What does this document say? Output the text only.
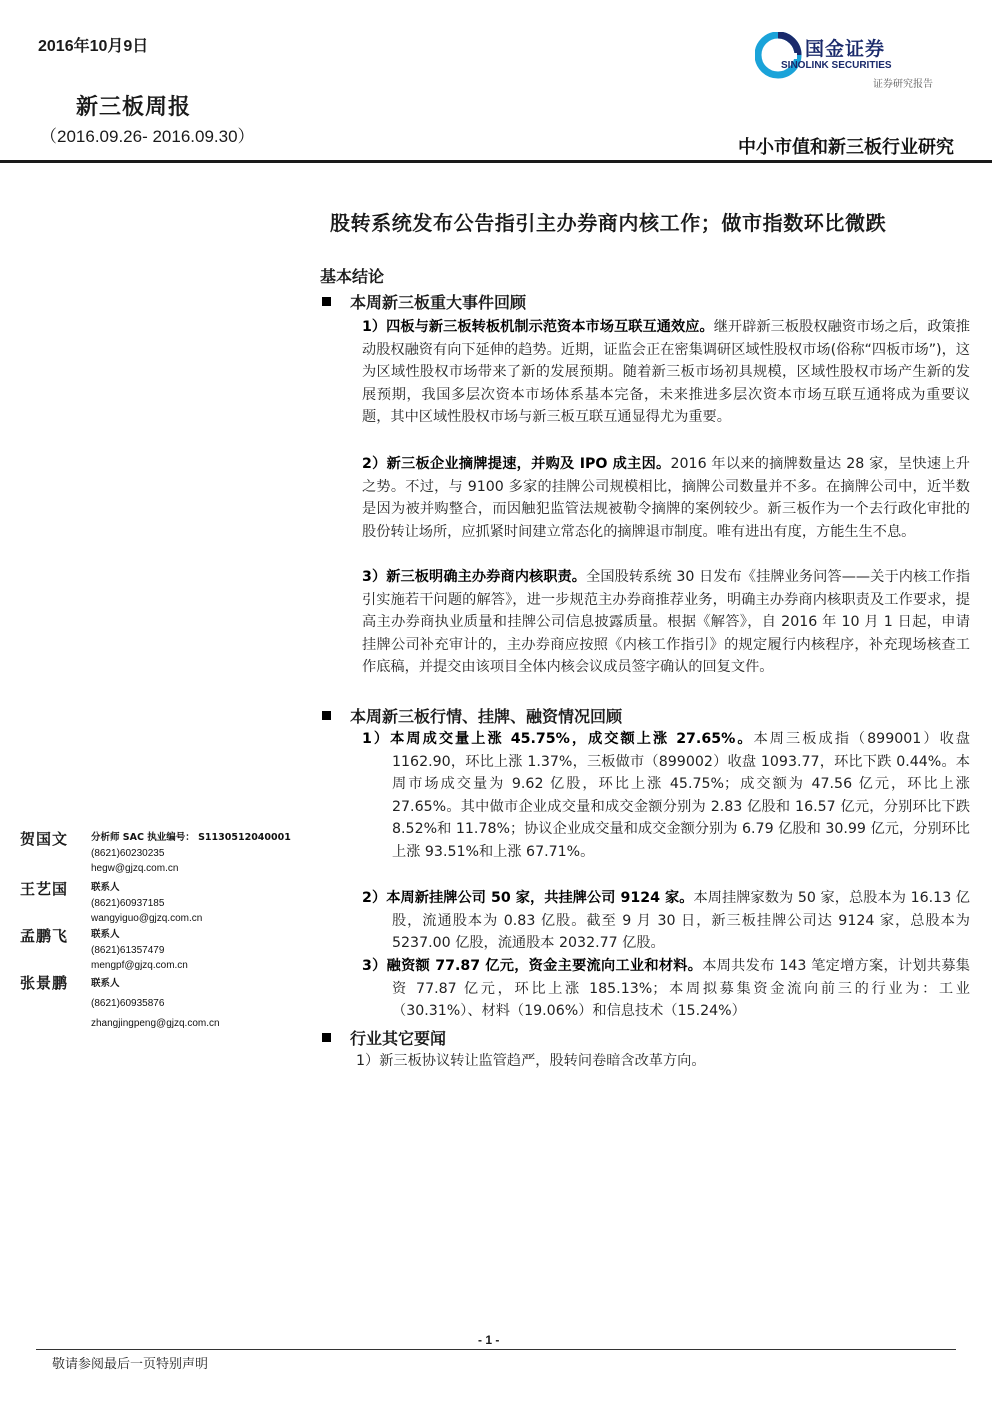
2016年10月9日
新三板周报
（2016.09.26- 2016.09.30）
国金证券
SINOLINK SECURITIES
证券研究报告
中小市值和新三板行业研究
股转系统发布公告指引主办券商内核工作；做市指数环比微跌
基本结论
本周新三板重大事件回顾
1）四板与新三板转板机制示范资本市场互联互通效应。继开辟新三板股权融资市场之后，政策推动股权融资有向下延伸的趋势。近期，证监会正在密集调研区域性股权市场(俗称“四板市场”)，这为区域性股权市场带来了新的发展预期。随着新三板市场初具规模，区域性股权市场产生新的发展预期，我国多层次资本市场体系基本完备，未来推进多层次资本市场互联互通将成为重要议题，其中区域性股权市场与新三板互联互通显得尤为重要。
2）新三板企业摘牌提速，并购及 IPO 成主因。2016 年以来的摘牌数量达 28 家，呈快速上升之势。不过，与 9100 多家的挂牌公司规模相比，摘牌公司数量并不多。在摘牌公司中，近半数是因为被并购整合，而因触犯监管法规被勒令摘牌的案例较少。新三板作为一个去行政化审批的股份转让场所，应抓紧时间建立常态化的摘牌退市制度。唯有进出有度，方能生生不息。
3）新三板明确主办券商内核职责。全国股转系统 30 日发布《挂牌业务问答——关于内核工作指引实施若干问题的解答》，进一步规范主办券商推荐业务，明确主办券商内核职责及工作要求，提高主办券商执业质量和挂牌公司信息披露质量。根据《解答》，自 2016 年 10 月 1 日起，申请挂牌公司补充审计的，主办券商应按照《内核工作指引》的规定履行内核程序，补充现场核查工作底稿，并提交由该项目全体内核会议成员签字确认的回复文件。
本周新三板行情、挂牌、融资情况回顾
1）本周成交量上涨 45.75%，成交额上涨 27.65%。本周三板成指（899001）收盘 1162.90，环比上涨 1.37%，三板做市（899002）收盘 1093.77，环比下跌 0.44%。本周市场成交量为 9.62 亿股，环比上涨 45.75%；成交额为 47.56 亿元，环比上涨 27.65%。其中做市企业成交量和成交金额分别为 2.83 亿股和 16.57 亿元，分别环比下跌 8.52%和 11.78%；协议企业成交量和成交金额分别为 6.79 亿股和 30.99 亿元，分别环比上涨 93.51%和上涨 67.71%。
2）本周新挂牌公司 50 家，共挂牌公司 9124 家。本周挂牌家数为 50 家，总股本为 16.13 亿股，流通股本为 0.83 亿股。截至 9 月 30 日，新三板挂牌公司达 9124 家，总股本为 5237.00 亿股，流通股本 2032.77 亿股。
3）融资额 77.87 亿元，资金主要流向工业和材料。本周共发布 143 笔定增方案，计划共募集资 77.87 亿元，环比上涨 185.13%；本周拟募集资金流向前三的行业为：工业（30.31%）、材料（19.06%）和信息技术（15.24%）
行业其它要闻
1）新三板协议转让监管趋严，股转问卷暗含改革方向。
贺国文 分析师 SAC 执业编号： S1130512040001
(8621)60230235
hegw@gjzq.com.cn
王艺国 联系人
(8621)60937185
wangyiguo@gjzq.com.cn
孟鹏飞 联系人
(8621)61357479
mengpf@gjzq.com.cn
张景鹏 联系人
(8621)60935876
zhangjingpeng@gjzq.com.cn
- 1 -
敬请参阅最后一页特别声明
